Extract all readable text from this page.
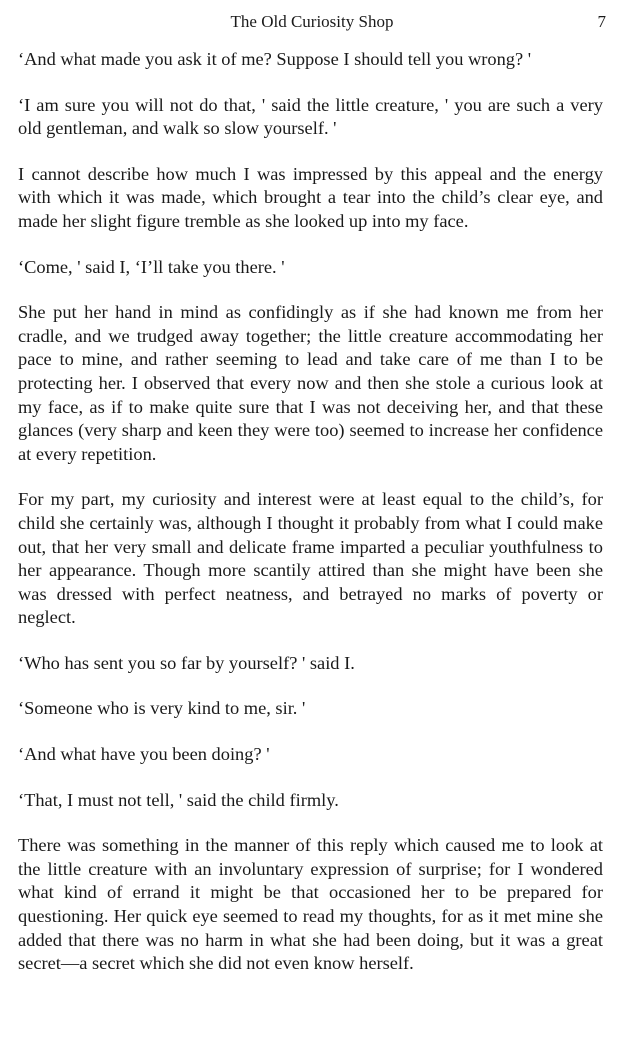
The Old Curiosity Shop	7

‘And what made you ask it of me? Suppose I should tell you wrong? '

‘I am sure you will not do that, ' said the little creature, ' you are such a very old gentleman, and walk so slow yourself. '

I cannot describe how much I was impressed by this appeal and the energy with which it was made, which brought a tear into the child’s clear eye, and made her slight figure tremble as she looked up into my face.

‘Come, ' said I, ‘I’ll take you there. '

She put her hand in mind as confidingly as if she had known me from her cradle, and we trudged away together; the little creature accommodating her pace to mine, and rather seeming to lead and take care of me than I to be protecting her. I observed that every now and then she stole a curious look at my face, as if to make quite sure that I was not deceiving her, and that these glances (very sharp and keen they were too) seemed to increase her confidence at every repetition.

For my part, my curiosity and interest were at least equal to the child’s, for child she certainly was, although I thought it probably from what I could make out, that her very small and delicate frame imparted a peculiar youthfulness to her appearance. Though more scantily attired than she might have been she was dressed with perfect neatness, and betrayed no marks of poverty or neglect.

‘Who has sent you so far by yourself? ' said I.

‘Someone who is very kind to me, sir. '

‘And what have you been doing? '

‘That, I must not tell, ' said the child firmly.

There was something in the manner of this reply which caused me to look at the little creature with an involuntary expression of surprise; for I wondered what kind of errand it might be that occasioned her to be prepared for questioning. Her quick eye seemed to read my thoughts, for as it met mine she added that there was no harm in what she had been doing, but it was a great secret—a secret which she did not even know herself.
